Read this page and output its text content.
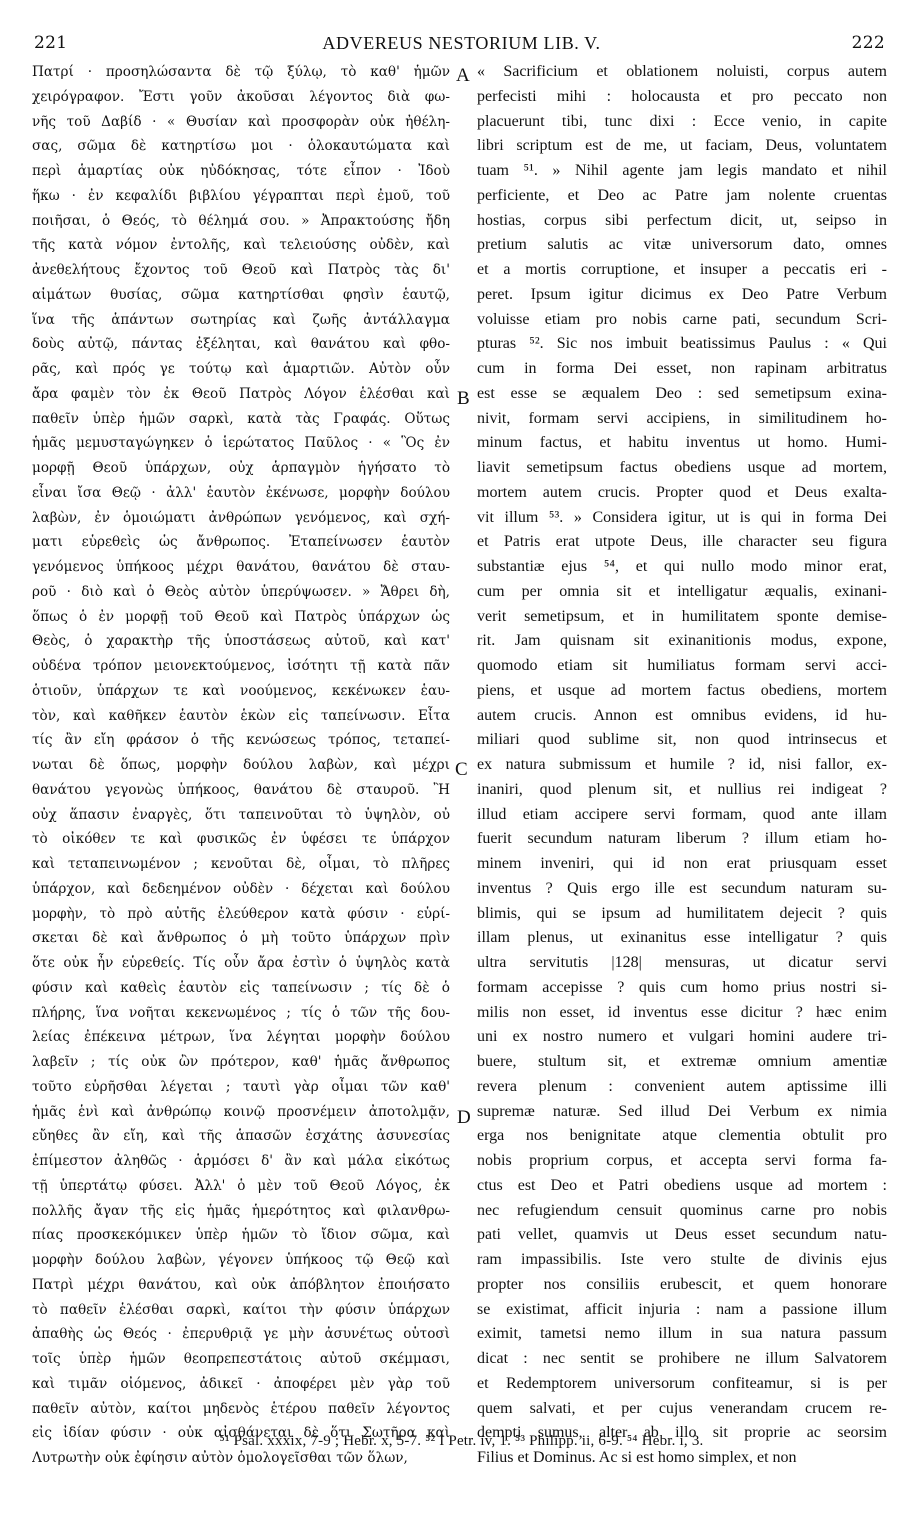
221	ADVEREUS NESTORIUM LIB. V.	222
Πατρί · προσηλώσαντα δὲ τῷ ξύλῳ, τὸ καθ' ἡμῶν
χειρόγραφον. Ἔστι γοῦν ἀκοῦσαι λέγοντος διὰ φω-
νῆς τοῦ Δαβίδ · « Θυσίαν καὶ προσφορὰν οὐκ ἠθέλη-
σας, σῶμα δὲ κατηρτίσω μοι · ὁλοκαυτώματα καὶ
περὶ ἁμαρτίας οὐκ ηὐδόκησας, τότε εἶπον · Ἰδοὺ
ἥκω · ἐν κεφαλίδι βιβλίου γέγραπται περὶ ἐμοῦ, τοῦ
ποιῆσαι, ὁ Θεός, τὸ θέλημά σου. » Ἀπρακτούσης ἤδη
τῆς κατὰ νόμον ἐντολῆς, καὶ τελειούσης οὐδὲν, καὶ
ἀνεθελήτους ἔχοντος τοῦ Θεοῦ καὶ Πατρὸς τὰς δι'
αἱμάτων θυσίας, σῶμα κατηρτίσθαι φησὶν ἑαυτῷ,
ἵνα τῆς ἁπάντων σωτηρίας καὶ ζωῆς ἀντάλλαγμα
δοὺς αὐτῷ, πάντας ἐξέληται, καὶ θανάτου καὶ φθο-
ρᾶς, καὶ πρός γε τούτῳ καὶ ἁμαρτιῶν. Αὐτὸν οὖν
ἄρα φαμὲν τὸν ἐκ Θεοῦ Πατρὸς Λόγον ἑλέσθαι καὶ
παθεῖν ὑπὲρ ἡμῶν σαρκὶ, κατὰ τὰς Γραφάς. Οὕτως
ἡμᾶς μεμυσταγώγηκεν ὁ ἱερώτατος Παῦλος · « Ὃς ἐν
μορφῇ Θεοῦ ὑπάρχων, οὐχ ἁρπαγμὸν ἡγήσατο τὸ
εἶναι ἴσα Θεῷ · ἀλλ' ἑαυτὸν ἐκένωσε, μορφὴν δούλου
λαβὼν, ἐν ὁμοιώματι ἀνθρώπων γενόμενος, καὶ σχή-
ματι εὑρεθεὶς ὡς ἄνθρωπος. Ἐταπείνωσεν ἑαυτὸν
γενόμενος ὑπήκοος μέχρι θανάτου, θανάτου δὲ σταυ-
ροῦ · διὸ καὶ ὁ Θεὸς αὐτὸν ὑπερύψωσεν. » Ἄθρει δὴ,
ὅπως ὁ ἐν μορφῇ τοῦ Θεοῦ καὶ Πατρὸς ὑπάρχων ὡς
Θεὸς, ὁ χαρακτὴρ τῆς ὑποστάσεως αὐτοῦ, καὶ κατ'
οὐδένα τρόπον μειονεκτούμενος, ἰσότητι τῇ κατὰ πᾶν
ὁτιοῦν, ὑπάρχων τε καὶ νοούμενος, κεκένωκεν ἑαυ-
τὸν, καὶ καθῆκεν ἑαυτὸν ἑκὼν εἰς ταπείνωσιν. Εἶτα
τίς ἂν εἴη φράσον ὁ τῆς κενώσεως τρόπος, τεταπεί-
νωται δὲ ὅπως, μορφὴν δούλου λαβὼν, καὶ μέχρι
θανάτου γεγονὼς ὑπήκοος, θανάτου δὲ σταυροῦ. Ἢ
οὐχ ἅπασιν ἐναργὲς, ὅτι ταπεινοῦται τὸ ὑψηλὸν, οὐ
τὸ οἰκόθεν τε καὶ φυσικῶς ἐν ὑφέσει τε ὑπάρχον
καὶ τεταπεινωμένον ; κενοῦται δὲ, οἶμαι, τὸ πλῆρες
ὑπάρχον, καὶ δεδεημένον οὐδὲν · δέχεται καὶ δούλου
μορφὴν, τὸ πρὸ αὐτῆς ἐλεύθερον κατὰ φύσιν · εὑρί-
σκεται δὲ καὶ ἄνθρωπος ὁ μὴ τοῦτο ὑπάρχων πρὶν
ὅτε οὐκ ἦν εὑρεθείς. Τίς οὖν ἄρα ἐστὶν ὁ ὑψηλὸς κατὰ
φύσιν καὶ καθεὶς ἑαυτὸν εἰς ταπείνωσιν ; τίς δὲ ὁ
πλήρης, ἵνα νοῆται κεκενωμένος ; τίς ὁ τῶν τῆς δου-
λείας ἐπέκεινα μέτρων, ἵνα λέγηται μορφὴν δούλου
λαβεῖν ; τίς οὐκ ὢν πρότερον, καθ' ἡμᾶς ἄνθρωπος
τοῦτο εὑρῆσθαι λέγεται ; ταυτὶ γὰρ οἶμαι τῶν καθ'
ἡμᾶς ἑνὶ καὶ ἀνθρώπῳ κοινῷ προσνέμειν ἀποτολμᾷν,
εὔηθες ἂν εἴη, καὶ τῆς ἁπασῶν ἐσχάτης ἀσυνεσίας
ἐπίμεστον ἀληθῶς · ἁρμόσει δ' ἂν καὶ μάλα εἰκότως
τῇ ὑπερτάτῳ φύσει. Ἀλλ' ὁ μὲν τοῦ Θεοῦ Λόγος, ἐκ
πολλῆς ἄγαν τῆς εἰς ἡμᾶς ἡμερότητος καὶ φιλανθρω-
πίας προσκεκόμικεν ὑπὲρ ἡμῶν τὸ ἴδιον σῶμα, καὶ
μορφὴν δούλου λαβὼν, γέγονεν ὑπήκοος τῷ Θεῷ καὶ
Πατρὶ μέχρι θανάτου, καὶ οὐκ ἀπόβλητον ἐποιήσατο
τὸ παθεῖν ἑλέσθαι σαρκὶ, καίτοι τὴν φύσιν ὑπάρχων
ἀπαθὴς ὡς Θεός · ἐπερυθριᾷ γε μὴν ἀσυνέτως οὑτοσὶ
τοῖς ὑπὲρ ἡμῶν θεοπρεπεστάτοις αὐτοῦ σκέμμασι,
καὶ τιμᾶν οἰόμενος, ἀδικεῖ · ἀποφέρει μὲν γὰρ τοῦ
παθεῖν αὐτὸν, καίτοι μηδενὸς ἑτέρου παθεῖν λέγοντος
εἰς ἰδίαν φύσιν · οὐκ αἰσθάνεται δὲ ὅτι Σωτῆρα καὶ
Λυτρωτὴν οὐκ ἐφίησιν αὐτὸν ὁμολογεῖσθαι τῶν ὅλων,
« Sacrificium et oblationem noluisti, corpus autem
perfecisti mihi : holocausta et pro peccato non
placuerunt tibi, tunc dixi : Ecce venio, in capite
libri scriptum est de me, ut faciam, Deus, voluntatem
tuam ⁵¹. » Nihil agente jam legis mandato et nihil
perficiente, et Deo ac Patre jam nolente cruentas
hostias, corpus sibi perfectum dicit, ut, seipso in
pretium salutis ac vitæ universorum dato, omnes
et a mortis corruptione, et insuper a peccatis eri -
peret. Ipsum igitur dicimus ex Deo Patre Verbum
voluisse etiam pro nobis carne pati, secundum Scri-
pturas ⁵². Sic nos imbuit beatissimus Paulus : « Qui
cum in forma Dei esset, non rapinam arbitratus
est esse se æqualem Deo : sed semetipsum exina-
nivit, formam servi accipiens, in similitudinem ho-
minum factus, et habitu inventus ut homo. Humi-
liavit semetipsum factus obediens usque ad mortem,
mortem autem crucis. Propter quod et Deus exalta-
vit illum ⁵³. » Considera igitur, ut is qui in forma Dei
et Patris erat utpote Deus, ille character seu figura
substantiæ ejus ⁵⁴, et qui nullo modo minor erat,
cum per omnia sit et intelligatur æqualis, exinani-
verit semetipsum, et in humilitatem sponte demise-
rit. Jam quisnam sit exinanitionis modus, expone,
quomodo etiam sit humiliatus formam servi acci-
piens, et usque ad mortem factus obediens, mortem
autem crucis. Annon est omnibus evidens, id hu-
miliari quod sublime sit, non quod intrinsecus et
ex natura submissum et humile ? id, nisi fallor, ex-
inaniri, quod plenum sit, et nullius rei indigeat ?
illud etiam accipere servi formam, quod ante illam
fuerit secundum naturam liberum ? illum etiam ho-
minem inveniri, qui id non erat priusquam esset
inventus ? Quis ergo ille est secundum naturam su-
blimis, qui se ipsum ad humilitatem dejecit ? quis
illam plenus, ut exinanitus esse intelligatur ? quis
ultra servitutis |128| mensuras, ut dicatur servi
formam accepisse ? quis cum homo prius nostri si-
milis non esset, id inventus esse dicitur ? hæc enim
uni ex nostro numero et vulgari homini audere tri-
buere, stultum sit, et extremæ omnium amentiæ
revera plenum : convenient autem aptissime illi
supremæ naturæ. Sed illud Dei Verbum ex nimia
erga nos benignitate atque clementia obtulit pro
nobis proprium corpus, et accepta servi forma fa-
ctus est Deo et Patri obediens usque ad mortem :
nec refugiendum censuit quominus carne pro nobis
pati vellet, quamvis ut Deus esset secundum natu-
ram impassibilis. Iste vero stulte de divinis ejus
propter nos consiliis erubescit, et quem honorare
se existimat, afficit injuria : nam a passione illum
eximit, tametsi nemo illum in sua natura passum
dicat : nec sentit se prohibere ne illum Salvatorem
et Redemptorem universorum confiteamur, si is per
quem salvati, et per cujus venerandam crucem re-
dempti sumus, alter ab illo sit proprie ac seorsim
Filius et Dominus. Ac si est homo simplex, et non
A
B
C
D
⁵¹ Psal. xxxix, 7-9 ; Hebr. x, 5-7. ⁵² I Petr. iv, 1. ⁵³ Philipp. ii, 6-9. ⁵⁴ Hebr. i, 3.
